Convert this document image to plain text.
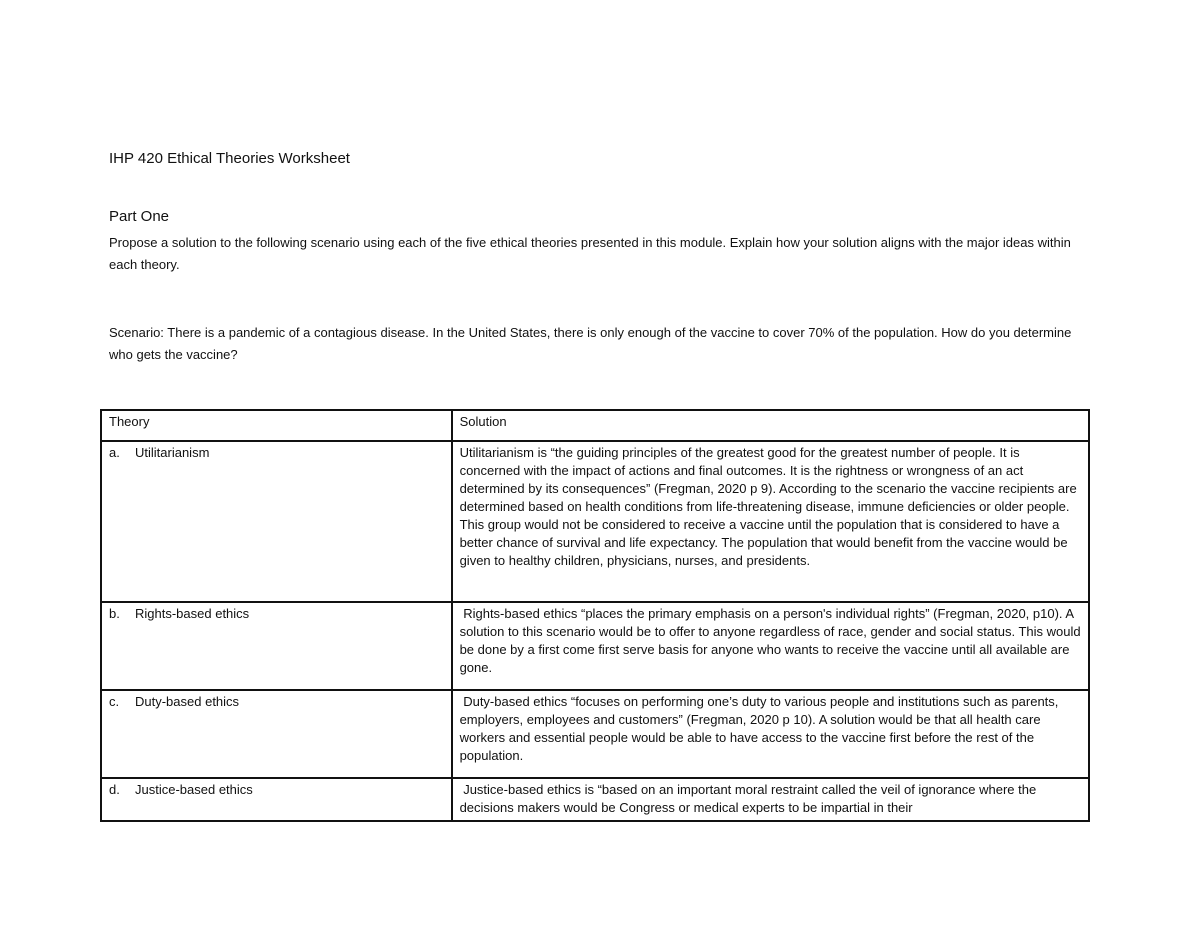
IHP 420 Ethical Theories Worksheet
Part One

Propose a solution to the following scenario using each of the five ethical theories presented in this module. Explain how your solution aligns with the major ideas within each theory.

Scenario: There is a pandemic of a contagious disease. In the United States, there is only enough of the vaccine to cover 70% of the population. How do you determine who gets the vaccine?

Theory	Solution
a. Utilitarianism	Utilitarianism is “the guiding principles of the greatest good for the greatest number of people. It is concerned with the impact of actions and final outcomes. It is the rightness or wrongness of an act determined by its consequences” (Fregman, 2020 p 9). According to the scenario the vaccine recipients are determined based on health conditions from life-threatening disease, immune deficiencies or older people. This group would not be considered to receive a vaccine until the population that is considered to have a better chance of survival and life expectancy. The population that would benefit from the vaccine would be given to healthy children, physicians, nurses, and presidents.
b. Rights-based ethics	Rights-based ethics “places the primary emphasis on a person's individual rights” (Fregman, 2020, p10). A solution to this scenario would be to offer to anyone regardless of race, gender and social status. This would be done by a first come first serve basis for anyone who wants to receive the vaccine until all available are gone.
c. Duty-based ethics	Duty-based ethics “focuses on performing one’s duty to various people and institutions such as parents, employers, employees and customers” (Fregman, 2020 p 10). A solution would be that all health care workers and essential people would be able to have access to the vaccine first before the rest of the population.
d. Justice-based ethics	Justice-based ethics is “based on an important moral restraint called the veil of ignorance where the decisions makers would be Congress or medical experts to be impartial in their
